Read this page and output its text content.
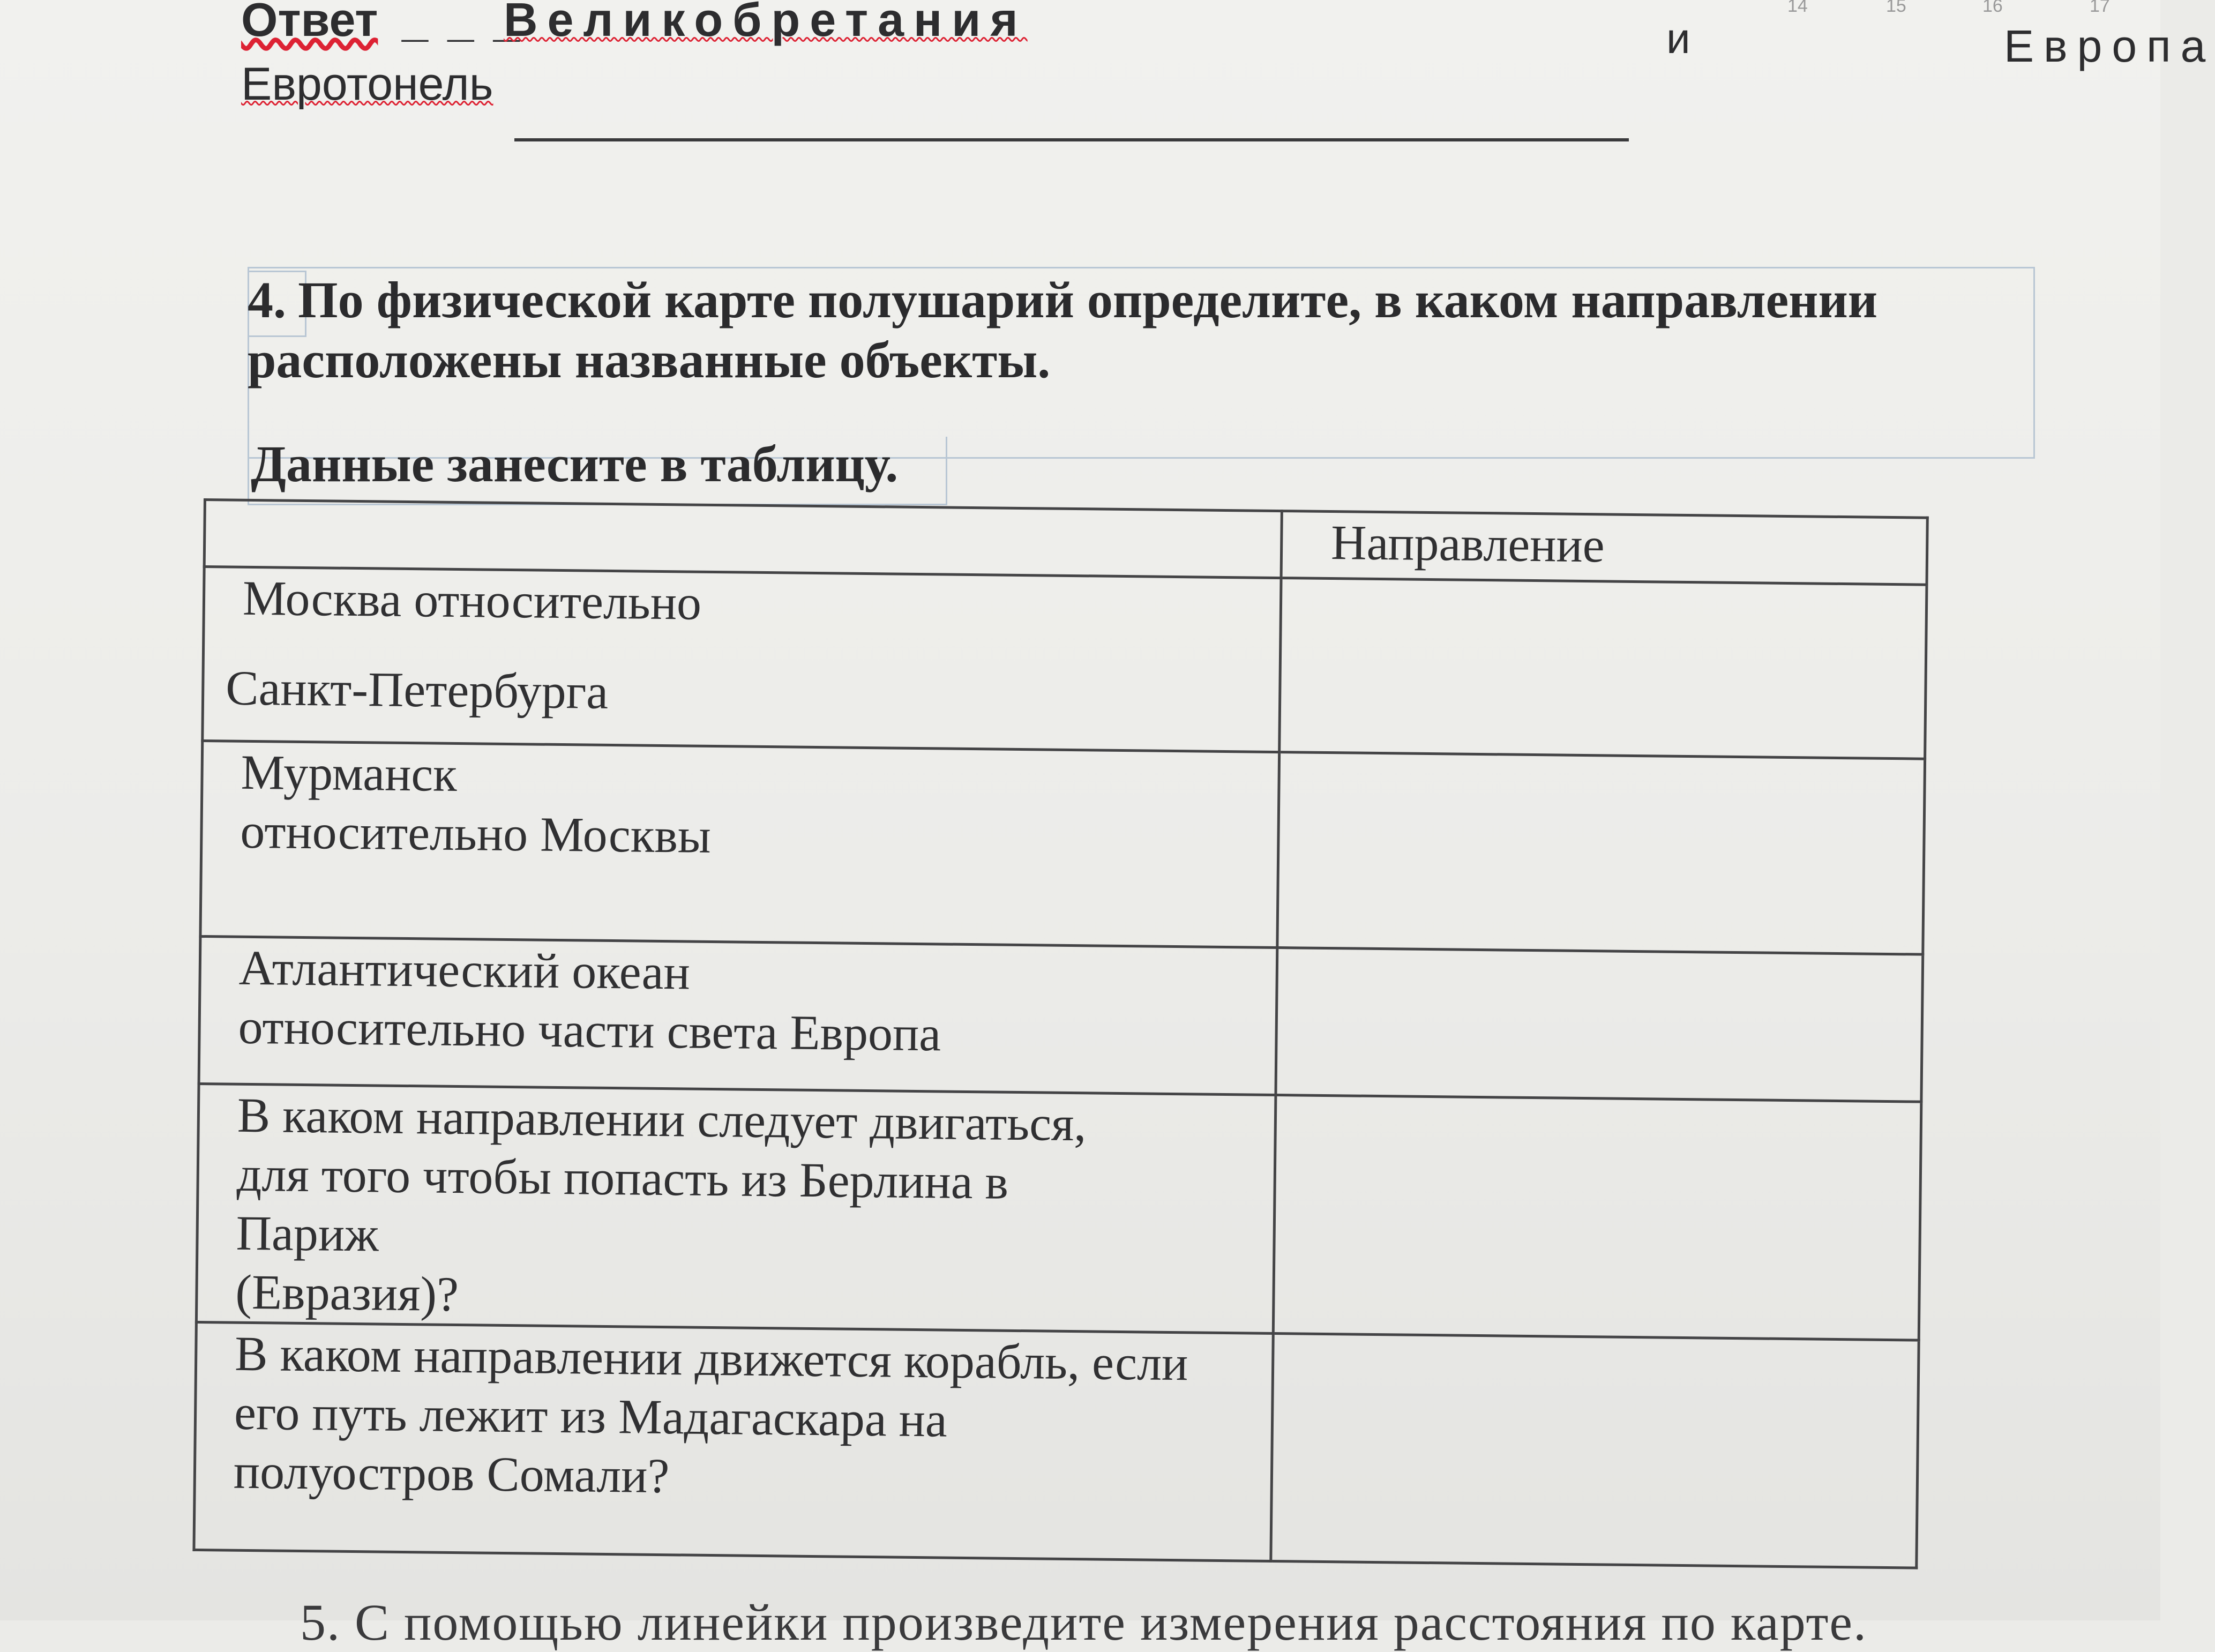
14	15	16	17
Ответ _ _ _
Великобретания	и	Европа
Евротонель
4. По физической карте полушарий определите, в каком направлении расположены названные объекты.
Данные занесите в таблицу.
	Направление

Москва относительно
Санкт-Петербурга	

Мурманск
относительно Москвы	

Атлантический океан
относительно части света Европа	

В каком направлении следует двигаться,
для того чтобы попасть из Берлина в
Париж
(Евразия)?	

В каком направлении движется корабль, если
его путь лежит из Мадагаскара на
полуостров Сомали?	

5. С помощью линейки произведите измерения расстояния по карте.
